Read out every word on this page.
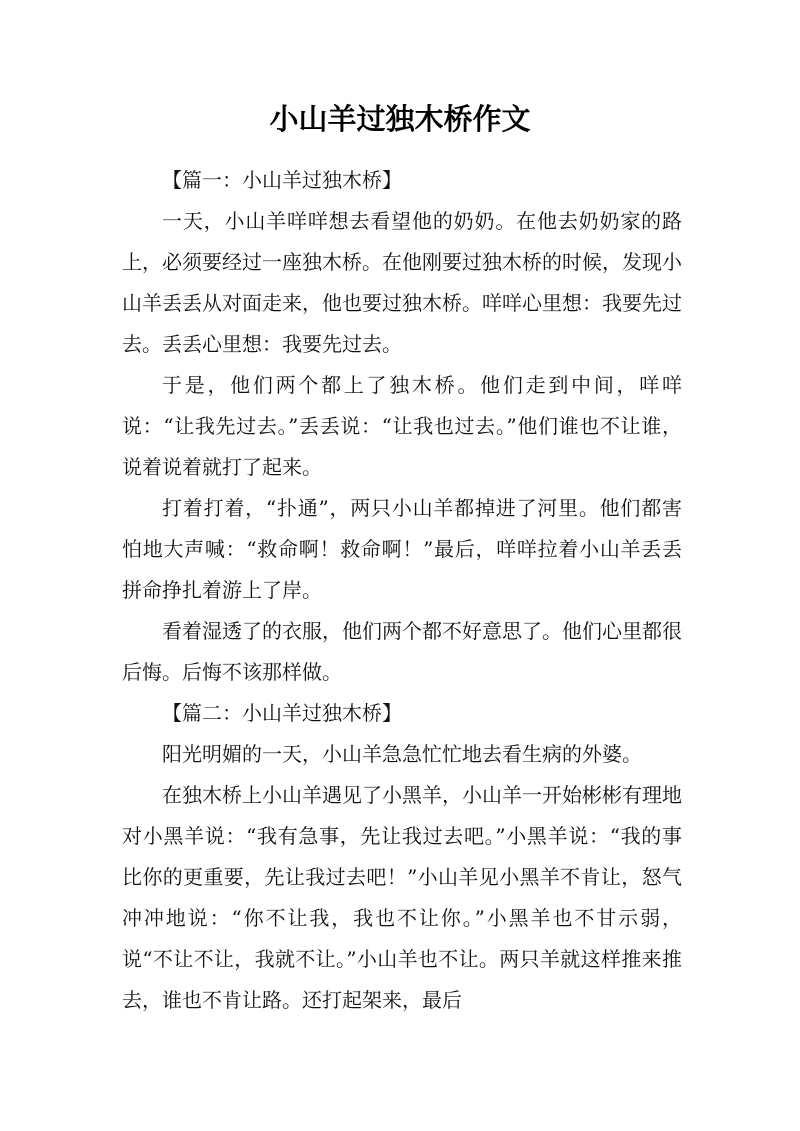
小山羊过独木桥作文

【篇一：小山羊过独木桥】

一天，小山羊咩咩想去看望他的奶奶。在他去奶奶家的路上，必须要经过一座独木桥。在他刚要过独木桥的时候，发现小山羊丢丢从对面走来，他也要过独木桥。咩咩心里想：我要先过去。丢丢心里想：我要先过去。

于是，他们两个都上了独木桥。他们走到中间，咩咩说：“让我先过去。”丢丢说：“让我也过去。”他们谁也不让谁，说着说着就打了起来。

打着打着，“扑通”，两只小山羊都掉进了河里。他们都害怕地大声喊：“救命啊！救命啊！”最后，咩咩拉着小山羊丢丢拼命挣扎着游上了岸。

看着湿透了的衣服，他们两个都不好意思了。他们心里都很后悔。后悔不该那样做。

【篇二：小山羊过独木桥】

阳光明媚的一天，小山羊急急忙忙地去看生病的外婆。

在独木桥上小山羊遇见了小黑羊，小山羊一开始彬彬有理地对小黑羊说：“我有急事，先让我过去吧。”小黑羊说：“我的事比你的更重要，先让我过去吧！”小山羊见小黑羊不肯让，怒气冲冲地说：“你不让我，我也不让你。”小黑羊也不甘示弱，说“不让不让，我就不让。”小山羊也不让。两只羊就这样推来推去，谁也不肯让路。还打起架来，最后
